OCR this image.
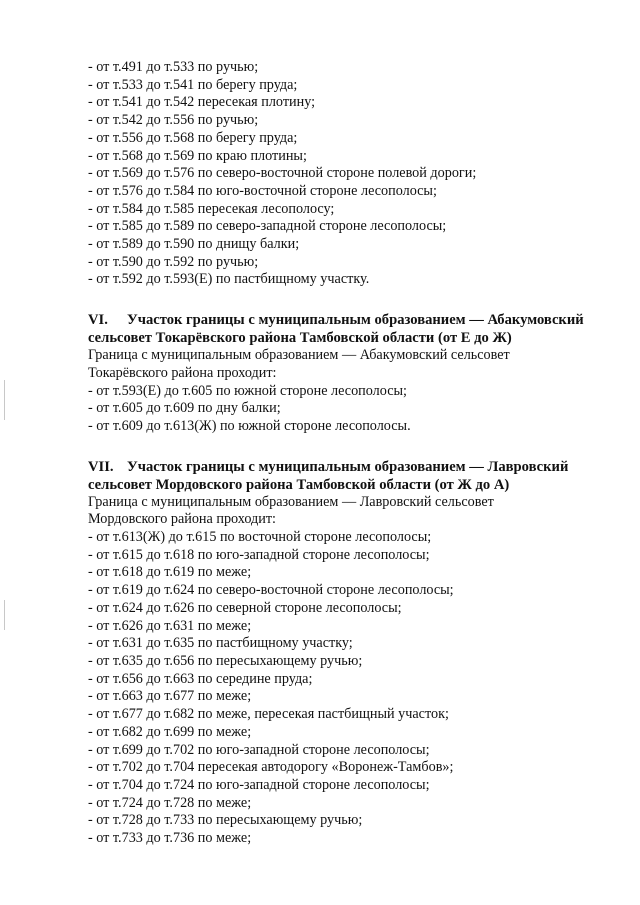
- от т.491 до т.533 по ручью;
- от т.533 до т.541 по берегу пруда;
- от т.541 до т.542 пересекая плотину;
- от т.542 до т.556 по ручью;
- от т.556 до т.568 по берегу пруда;
- от т.568 до т.569 по краю плотины;
- от т.569 до т.576 по северо-восточной стороне полевой дороги;
- от т.576 до т.584 по юго-восточной стороне лесополосы;
- от т.584 до т.585 пересекая лесополосу;
- от т.585 до т.589 по северо-западной стороне лесополосы;
- от т.589 до т.590 по днищу балки;
- от т.590 до т.592 по ручью;
- от т.592 до т.593(Е) по пастбищному участку.
VI. Участок границы с муниципальным образованием — Абакумовский
сельсовет Токарёвского района Тамбовской области (от Е до Ж)
Граница с муниципальным образованием — Абакумовский сельсовет
Токарёвского района проходит:
- от т.593(Е) до т.605 по южной стороне лесополосы;
- от т.605 до т.609 по дну балки;
- от т.609 до т.613(Ж) по южной стороне лесополосы.
VII. Участок границы с муниципальным образованием — Лавровский
сельсовет Мордовского района Тамбовской области (от Ж до А)
Граница с муниципальным образованием — Лавровский сельсовет
Мордовского района проходит:
- от т.613(Ж) до т.615 по восточной стороне лесополосы;
- от т.615 до т.618 по юго-западной стороне лесополосы;
- от т.618 до т.619 по меже;
- от т.619 до т.624 по северо-восточной стороне лесополосы;
- от т.624 до т.626 по северной стороне лесополосы;
- от т.626 до т.631 по меже;
- от т.631 до т.635 по пастбищному участку;
- от т.635 до т.656 по пересыхающему ручью;
- от т.656 до т.663 по середине пруда;
- от т.663 до т.677 по меже;
- от т.677 до т.682 по меже, пересекая пастбищный участок;
- от т.682 до т.699 по меже;
- от т.699 до т.702 по юго-западной стороне лесополосы;
- от т.702 до т.704 пересекая автодорогу «Воронеж-Тамбов»;
- от т.704 до т.724 по юго-западной стороне лесополосы;
- от т.724 до т.728 по меже;
- от т.728 до т.733 по пересыхающему ручью;
- от т.733 до т.736 по меже;
